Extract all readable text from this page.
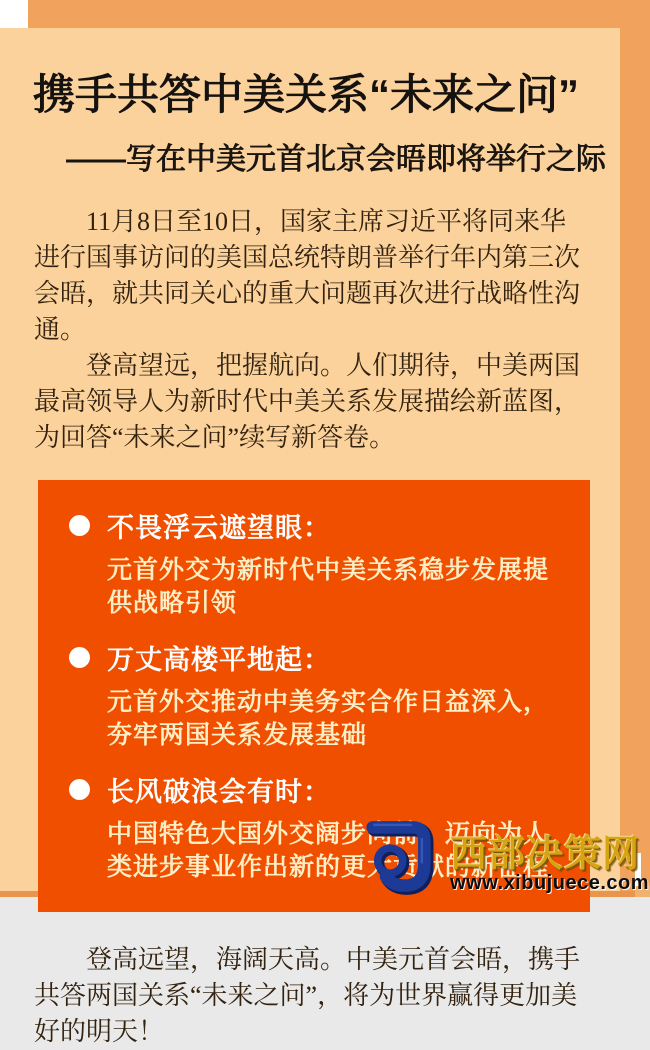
携手共答中美关系“未来之问”
——写在中美元首北京会晤即将举行之际

11月8日至10日，国家主席习近平将同来华进行国事访问的美国总统特朗普举行年内第三次会晤，就共同关心的重大问题再次进行战略性沟通。

登高望远，把握航向。人们期待，中美两国最高领导人为新时代中美关系发展描绘新蓝图，为回答“未来之问”续写新答卷。

不畏浮云遮望眼：
元首外交为新时代中美关系稳步发展提供战略引领
万丈高楼平地起：
元首外交推动中美务实合作日益深入，夯牢两国关系发展基础
长风破浪会有时：
中国特色大国外交阔步向前，迈向为人类进步事业作出新的更大贡献的新征程

登高远望，海阔天高。中美元首会晤，携手共答两国关系“未来之问”，将为世界赢得更加美好的明天！

西部决策网
www.xibujuece.com
